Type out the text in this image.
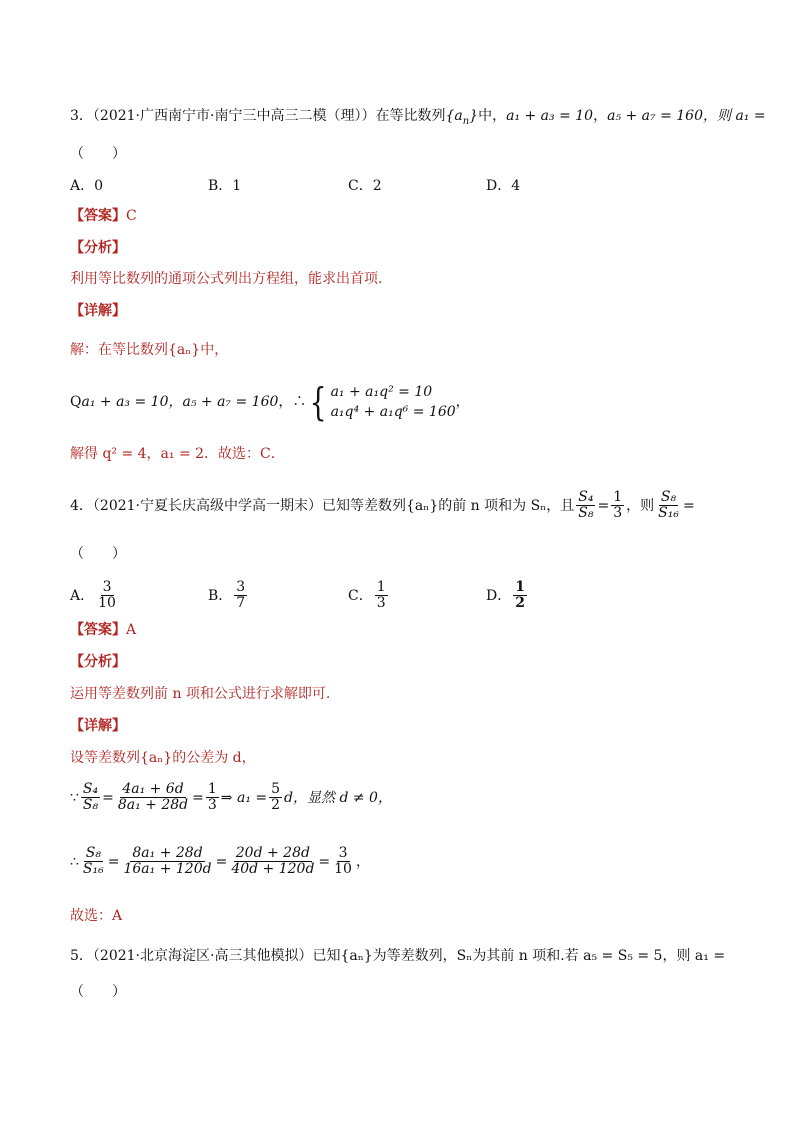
3．（2021·广西南宁市·南宁三中高三二模（理））在等比数列$\{a_n\}$中，a₁ + a₃ = 10，a₅ + a₇ = 160，则 a₁ =
（　　）
A．0	B．1	C．2	D．4
【答案】C
【分析】
利用等比数列的通项公式列出方程组，能求出首项．
【详解】
解：在等比数列{aₙ}中，
Qa₁ + a₃ = 10，a₅ + a₇ = 160，∴{ a₁ + a₁q² = 10
a₁q⁴ + a₁q⁶ = 160
，
解得 q² = 4，a₁ = 2．故选：C．
4．（2021·宁夏长庆高级中学高一期末）已知等差数列{aₙ}的前 n 项和为 Sₙ，且 $\frac{\text{S₄}}{\text{S₈}} = \frac{1}{3}$ ，则 $\frac{\text{S₈}}{\text{S₁₆}}$ =
（　　）
A． $\frac{3}{10}$	B． $\frac{3}{7}$	C． $\frac{1}{3}$	D． $\frac{1}{2}$
【答案】A
【分析】
运用等差数列前 n 项和公式进行求解即可.
【详解】
设等差数列{aₙ}的公差为 d，
∵ $\frac{\text{S₄}}{\text{S₈}} = \frac{\text{4a₁ + 6d}}{\text{8a₁ + 28d}} = \frac{1}{3}$ ⇒ $a_1 = \frac{5}{2}$ d，显然 d ≠ 0，
∴ $\frac{\text{S₈}}{\text{S₁₆}} = \frac{\text{8a₁ + 28d}}{\text{16a₁ + 120d}} = \frac{20d + 28d}{40d + 120d} = \frac{3}{10}$ ，
故选：A
5．（2021·北京海淀区·高三其他模拟）已知{aₙ}为等差数列，Sₙ为其前 n 项和.若 a₅ = S₅ = 5，则 a₁ =
（　　）
